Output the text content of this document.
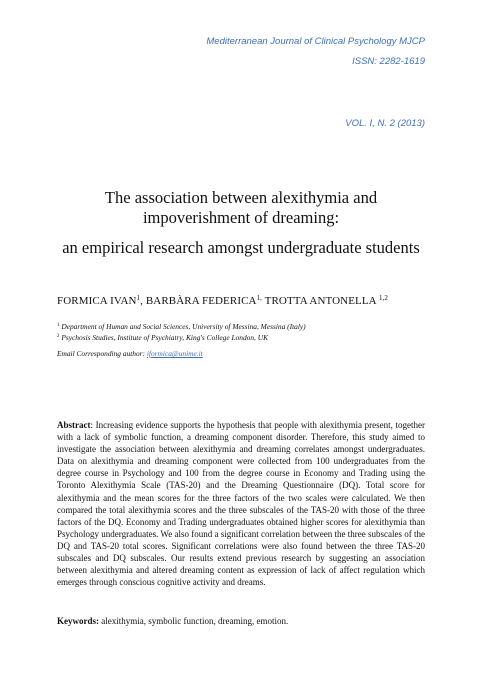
Mediterranean Journal of Clinical Psychology MJCP
ISSN: 2282-1619
VOL. I, N. 2 (2013)
The association between alexithymia and
impoverishment of dreaming:
an empirical research amongst undergraduate students
FORMICA IVAN$^1$, BARBÀRA $FEDERICA^{1,}$ TROTTA ANTONELLA $^{1,2}$
$^1$ Department of Human and Social Sciences, University of Messina, Messina (Italy)
$^2$ Psychosis Studies, Institute of Psychiatry, King's College London, UK
Email Corresponding author: iformica@unime.it
Abstract: Increasing evidence supports the hypothesis that people with alexithymia present, together with a lack of symbolic function, a dreaming component disorder. Therefore, this study aimed to investigate the association between alexithymia and dreaming correlates amongst undergraduates. Data on alexithymia and dreaming component were collected from 100 undergraduates from the degree course in Psychology and 100 from the degree course in Economy and Trading using the Toronto Alexithymia Scale (TAS-20) and the Dreaming Questionnaire (DQ). Total score for alexithymia and the mean scores for the three factors of the two scales were calculated. We then compared the total alexithymia scores and the three subscales of the TAS-20 with those of the three factors of the DQ. Economy and Trading undergraduates obtained higher scores for alexithymia than Psychology undergraduates. We also found a significant correlation between the three subscales of the DQ and TAS-20 total scores. Significant correlations were also found between the three TAS-20 subscales and DQ subscales. Our results extend previous research by suggesting an association between alexithymia and altered dreaming content as expression of lack of affect regulation which emerges through conscious cognitive activity and dreams.
Keywords: alexithymia, symbolic function, dreaming, emotion.
